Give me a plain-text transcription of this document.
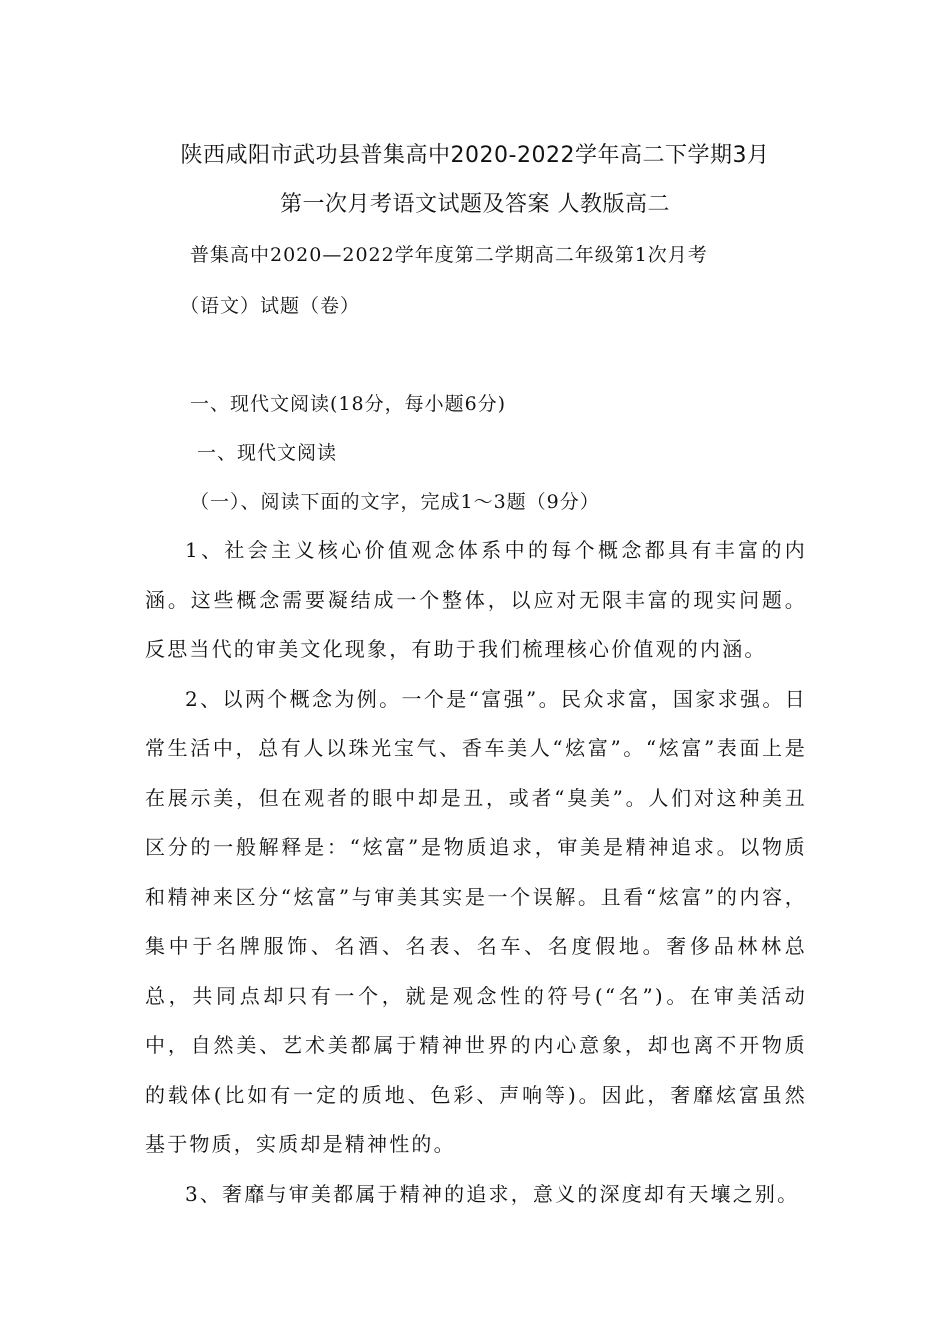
陕西咸阳市武功县普集高中2020-2022学年高二下学期3月
第一次月考语文试题及答案 人教版高二
普集高中2020—2022学年度第二学期高二年级第1次月考
（语文）试题（卷）
一、现代文阅读(18分，每小题6分)
一、现代文阅读
（一）、阅读下面的文字，完成1～3题（9分）

1、社会主义核心价值观念体系中的每个概念都具有丰富的内涵。这些概念需要凝结成一个整体，以应对无限丰富的现实问题。反思当代的审美文化现象，有助于我们梳理核心价值观的内涵。

2、以两个概念为例。一个是“富强”。民众求富，国家求强。日常生活中，总有人以珠光宝气、香车美人“炫富”。“炫富”表面上是在展示美，但在观者的眼中却是丑，或者“臭美”。人们对这种美丑区分的一般解释是：“炫富”是物质追求，审美是精神追求。以物质和精神来区分“炫富”与审美其实是一个误解。且看“炫富”的内容，集中于名牌服饰、名酒、名表、名车、名度假地。奢侈品林林总总，共同点却只有一个，就是观念性的符号(“名”)。在审美活动中，自然美、艺术美都属于精神世界的内心意象，却也离不开物质的载体(比如有一定的质地、色彩、声响等)。因此，奢靡炫富虽然基于物质，实质却是精神性的。

3、奢靡与审美都属于精神的追求，意义的深度却有天壤之别。
